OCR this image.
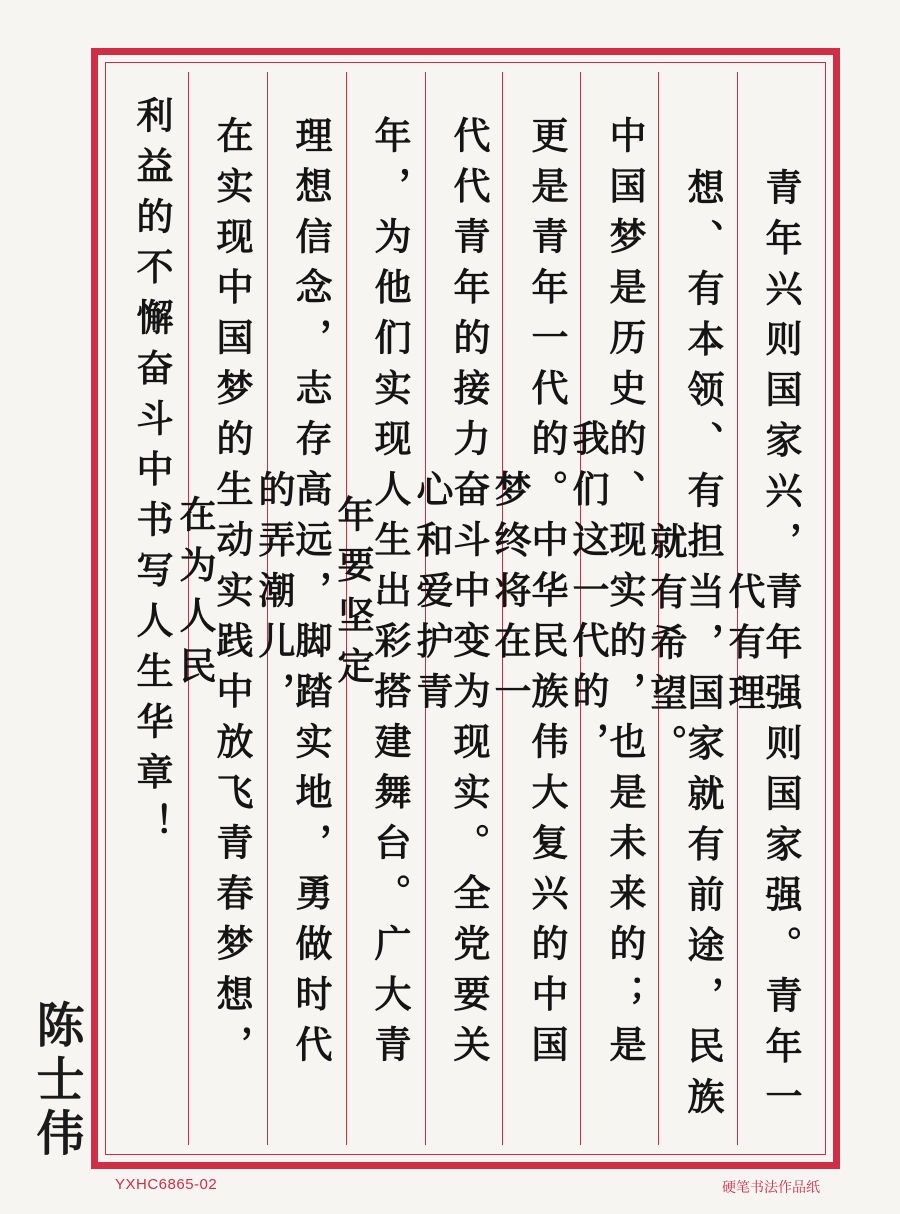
青年兴则国家兴，青年强则国家强。青年一代有理
想、有本领、有担当，国家就有前途，民族就有希望。
中国梦是历史的、现实的，也是未来的；是我们这一代的，
更是青年一代的。中华民族伟大复兴的中国梦终将在一
代代青年的接力奋斗中变为现实。全党要关心和爱护青
年，为他们实现人生出彩搭建舞台。广大青年要坚定
理想信念，志存高远，脚踏实地，勇做时代的弄潮儿，
在实现中国梦的生动实践中放飞青春梦想，在为人民
利益的不懈奋斗中书写人生华章！
陈士伟
YXHC6865-02	硬笔书法作品纸
